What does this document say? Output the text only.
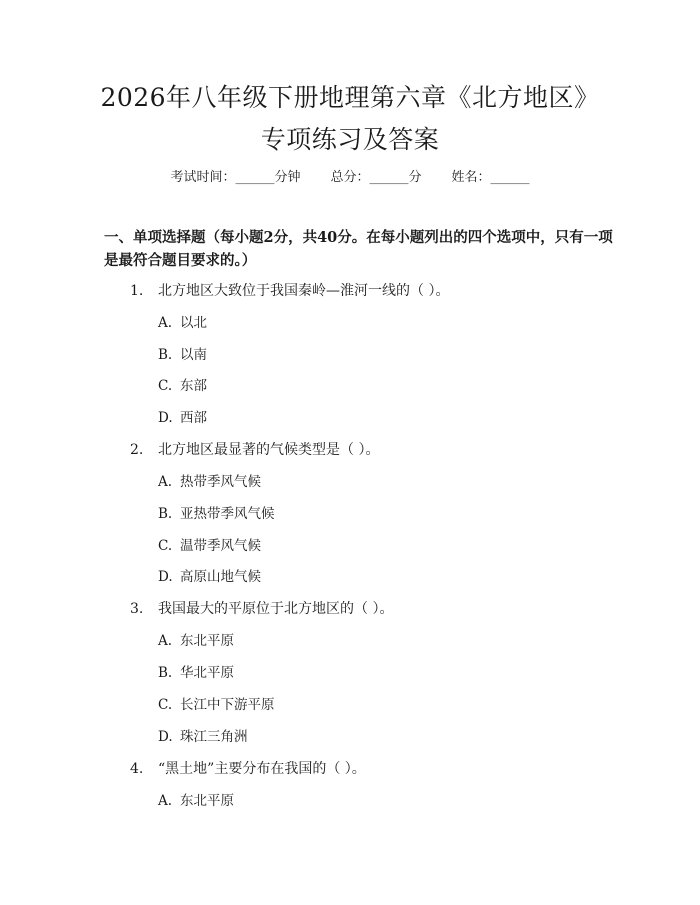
2026年八年级下册地理第六章《北方地区》
专项练习及答案
考试时间：______分钟 总分：______分 姓名：______

一、单项选择题（每小题2分，共40分。在每小题列出的四个选项中，只有一项是最符合题目要求的。）

1. 北方地区大致位于我国秦岭—淮河一线的（ ）。
A. 以北
B. 以南
C. 东部
D. 西部
2. 北方地区最显著的气候类型是（ ）。
A. 热带季风气候
B. 亚热带季风气候
C. 温带季风气候
D. 高原山地气候
3. 我国最大的平原位于北方地区的（ ）。
A. 东北平原
B. 华北平原
C. 长江中下游平原
D. 珠江三角洲
4. “黑土地”主要分布在我国的（ ）。
A. 东北平原
